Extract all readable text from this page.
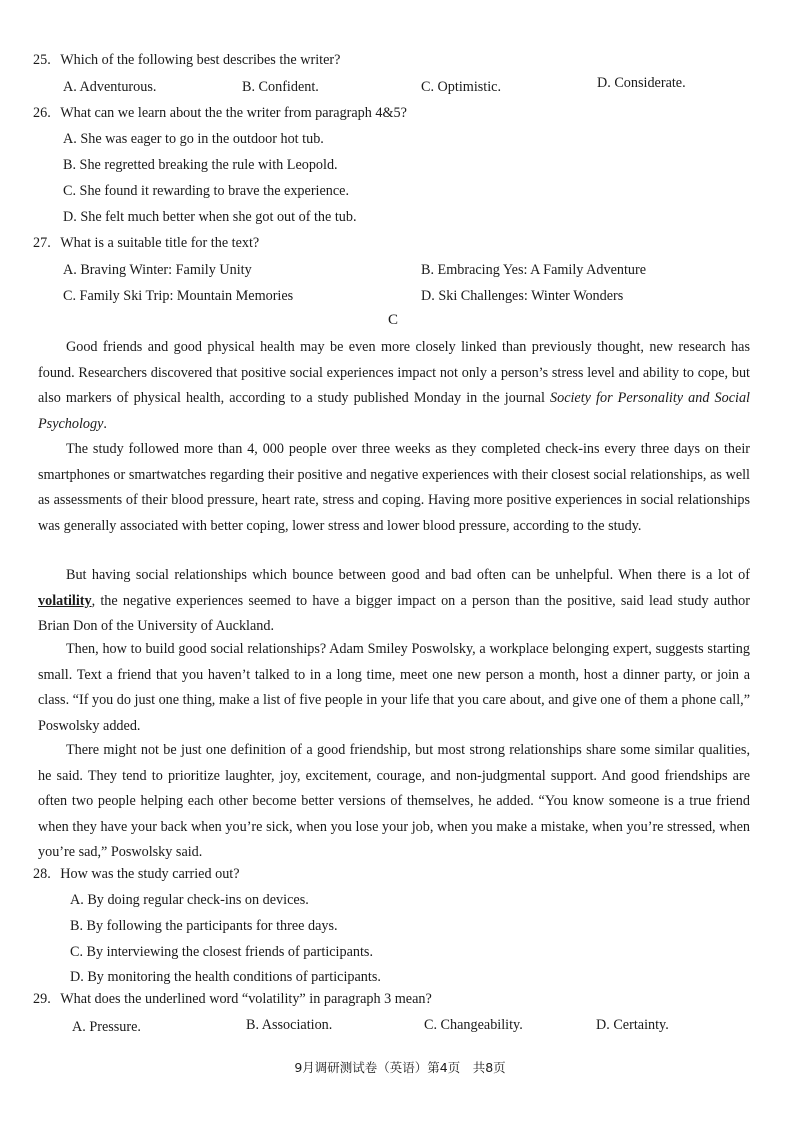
25. Which of the following best describes the writer?
A. Adventurous.	B. Confident.	C. Optimistic.	D. Considerate.
26. What can we learn about the the writer from paragraph 4&5?
A. She was eager to go in the outdoor hot tub.
B. She regretted breaking the rule with Leopold.
C. She found it rewarding to brave the experience.
D. She felt much better when she got out of the tub.
27. What is a suitable title for the text?
A. Braving Winter: Family Unity	B. Embracing Yes: A Family Adventure
C. Family Ski Trip: Mountain Memories	D. Ski Challenges: Winter Wonders
C
Good friends and good physical health may be even more closely linked than previously thought, new research has found. Researchers discovered that positive social experiences impact not only a person’s stress level and ability to cope, but also markers of physical health, according to a study published Monday in the journal Society for Personality and Social Psychology.
The study followed more than 4, 000 people over three weeks as they completed check-ins every three days on their smartphones or smartwatches regarding their positive and negative experiences with their closest social relationships, as well as assessments of their blood pressure, heart rate, stress and coping. Having more positive experiences in social relationships was generally associated with better coping, lower stress and lower blood pressure, according to the study.
But having social relationships which bounce between good and bad often can be unhelpful. When there is a lot of volatility, the negative experiences seemed to have a bigger impact on a person than the positive, said lead study author Brian Don of the University of Auckland.
Then, how to build good social relationships? Adam Smiley Poswolsky, a workplace belonging expert, suggests starting small. Text a friend that you haven’t talked to in a long time, meet one new person a month, host a dinner party, or join a class. “If you do just one thing, make a list of five people in your life that you care about, and give one of them a phone call,” Poswolsky added.
There might not be just one definition of a good friendship, but most strong relationships share some similar qualities, he said. They tend to prioritize laughter, joy, excitement, courage, and non-judgmental support. And good friendships are often two people helping each other become better versions of themselves, he added. “You know someone is a true friend when they have your back when you’re sick, when you lose your job, when you make a mistake, when you’re stressed, when you’re sad,” Poswolsky said.
28. How was the study carried out?
A. By doing regular check-ins on devices.
B. By following the participants for three days.
C. By interviewing the closest friends of participants.
D. By monitoring the health conditions of participants.
29. What does the underlined word “volatility” in paragraph 3 mean?
A. Pressure.	B. Association.	C. Changeability.	D. Certainty.
9月调研测试卷（英语）第4页　共8页
